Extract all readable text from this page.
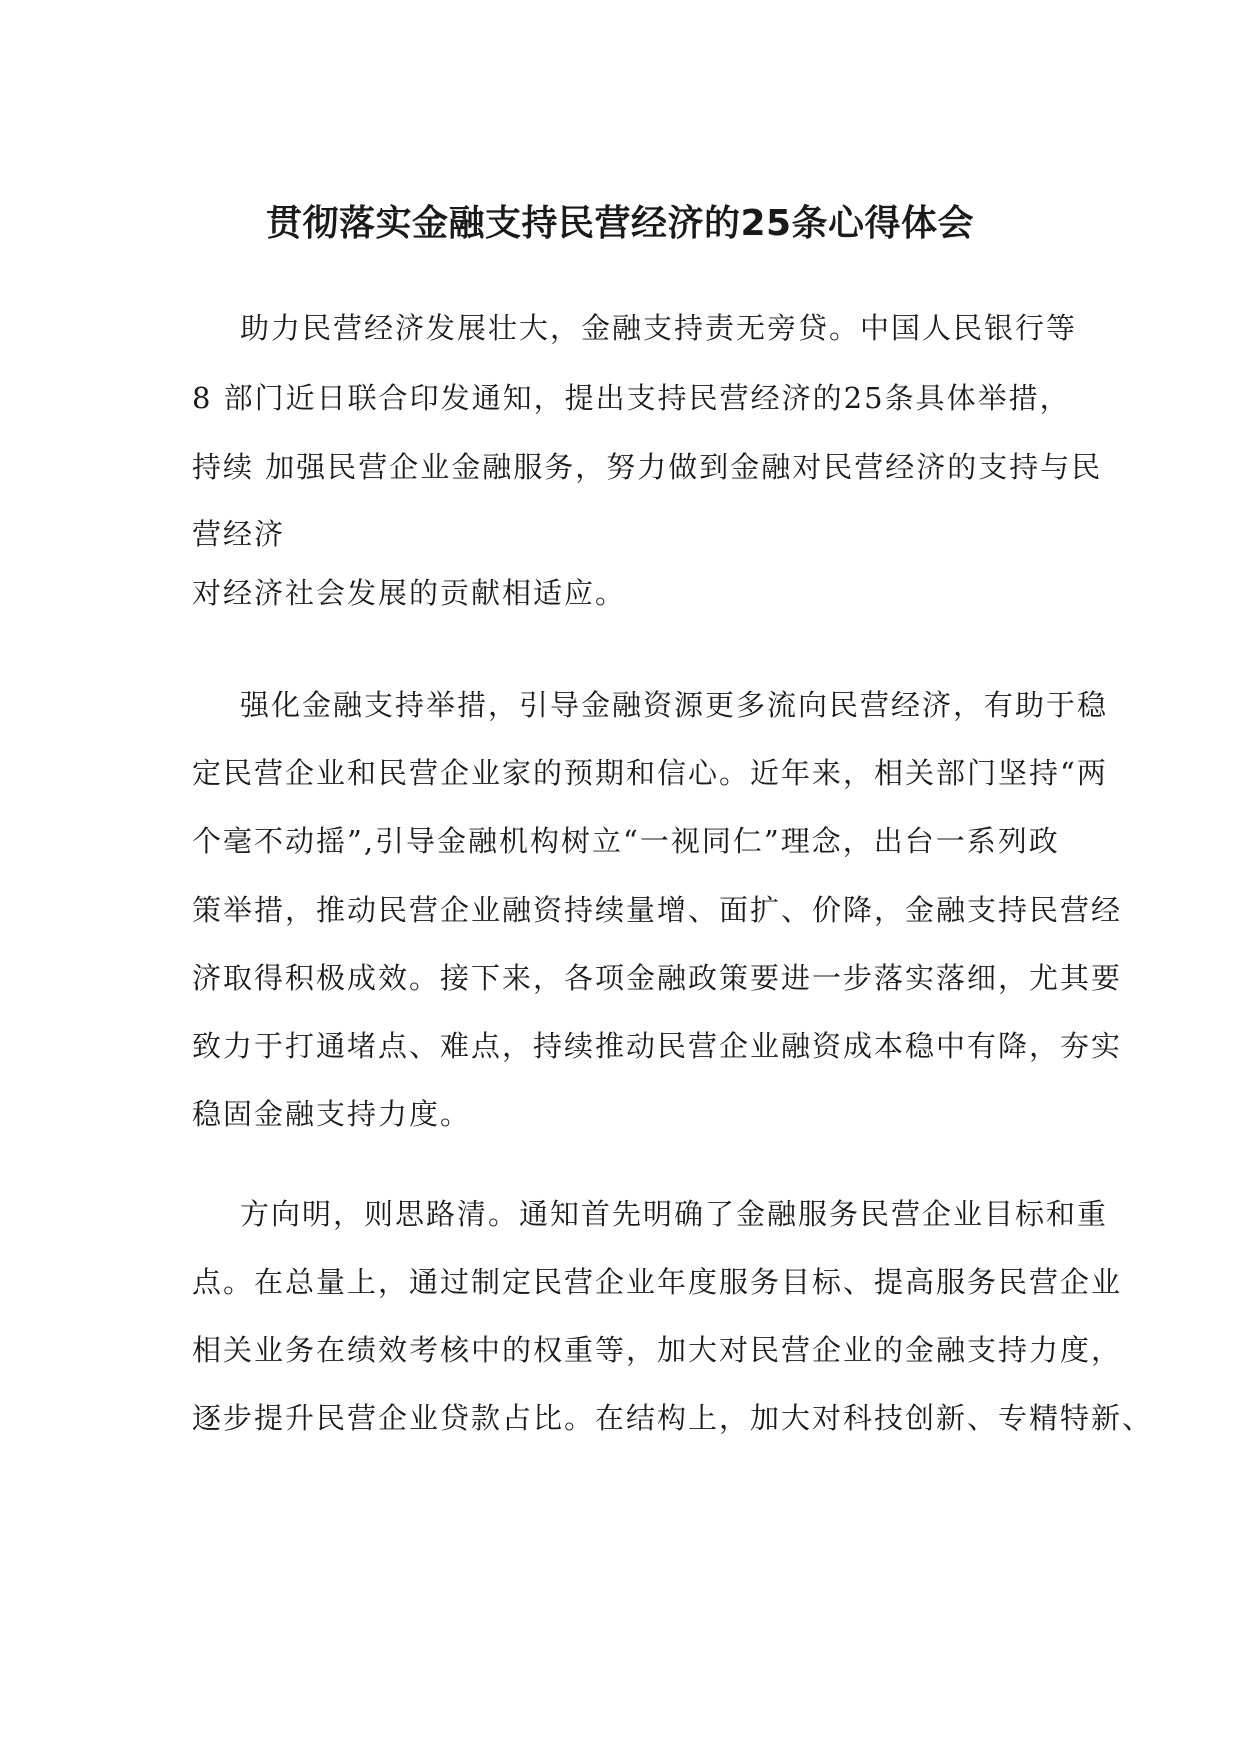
贯彻落实金融支持民营经济的25条心得体会
助力民营经济发展壮大，金融支持责无旁贷。中国人民银行等
8 部门近日联合印发通知，提出支持民营经济的25条具体举措，
持续 加强民营企业金融服务，努力做到金融对民营经济的支持与民
营经济
对经济社会发展的贡献相适应。
强化金融支持举措，引导金融资源更多流向民营经济，有助于稳
定民营企业和民营企业家的预期和信心。近年来，相关部门坚持“两
个毫不动摇”,引导金融机构树立“一视同仁”理念，出台一系列政
策举措，推动民营企业融资持续量增、面扩、价降，金融支持民营经
济取得积极成效。接下来，各项金融政策要进一步落实落细，尤其要
致力于打通堵点、难点，持续推动民营企业融资成本稳中有降，夯实
稳固金融支持力度。
方向明，则思路清。通知首先明确了金融服务民营企业目标和重
点。在总量上，通过制定民营企业年度服务目标、提高服务民营企业
相关业务在绩效考核中的权重等，加大对民营企业的金融支持力度，
逐步提升民营企业贷款占比。在结构上，加大对科技创新、专精特新、
